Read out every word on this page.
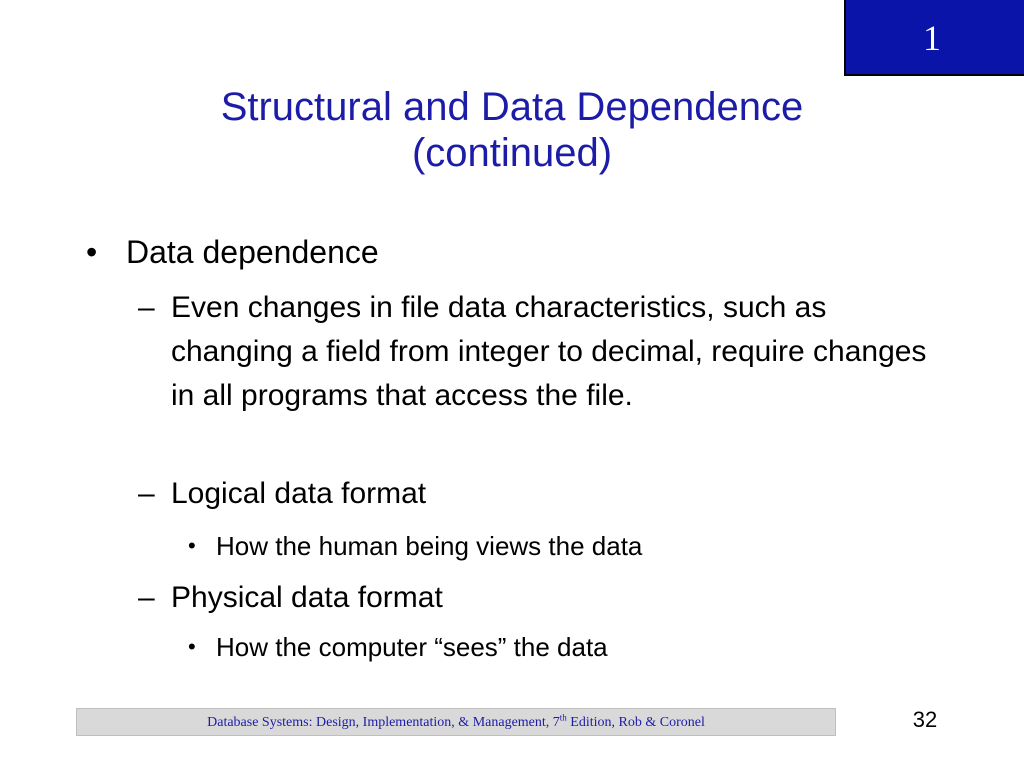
1
Structural and Data Dependence
(continued)
• Data dependence
– Even changes in file data characteristics, such as changing a field from integer to decimal, require changes in all programs that access the file.
– Logical data format
• How the human being views the data
– Physical data format
• How the computer “sees” the data
Database Systems: Design, Implementation, & Management, 7th Edition, Rob & Coronel	32
